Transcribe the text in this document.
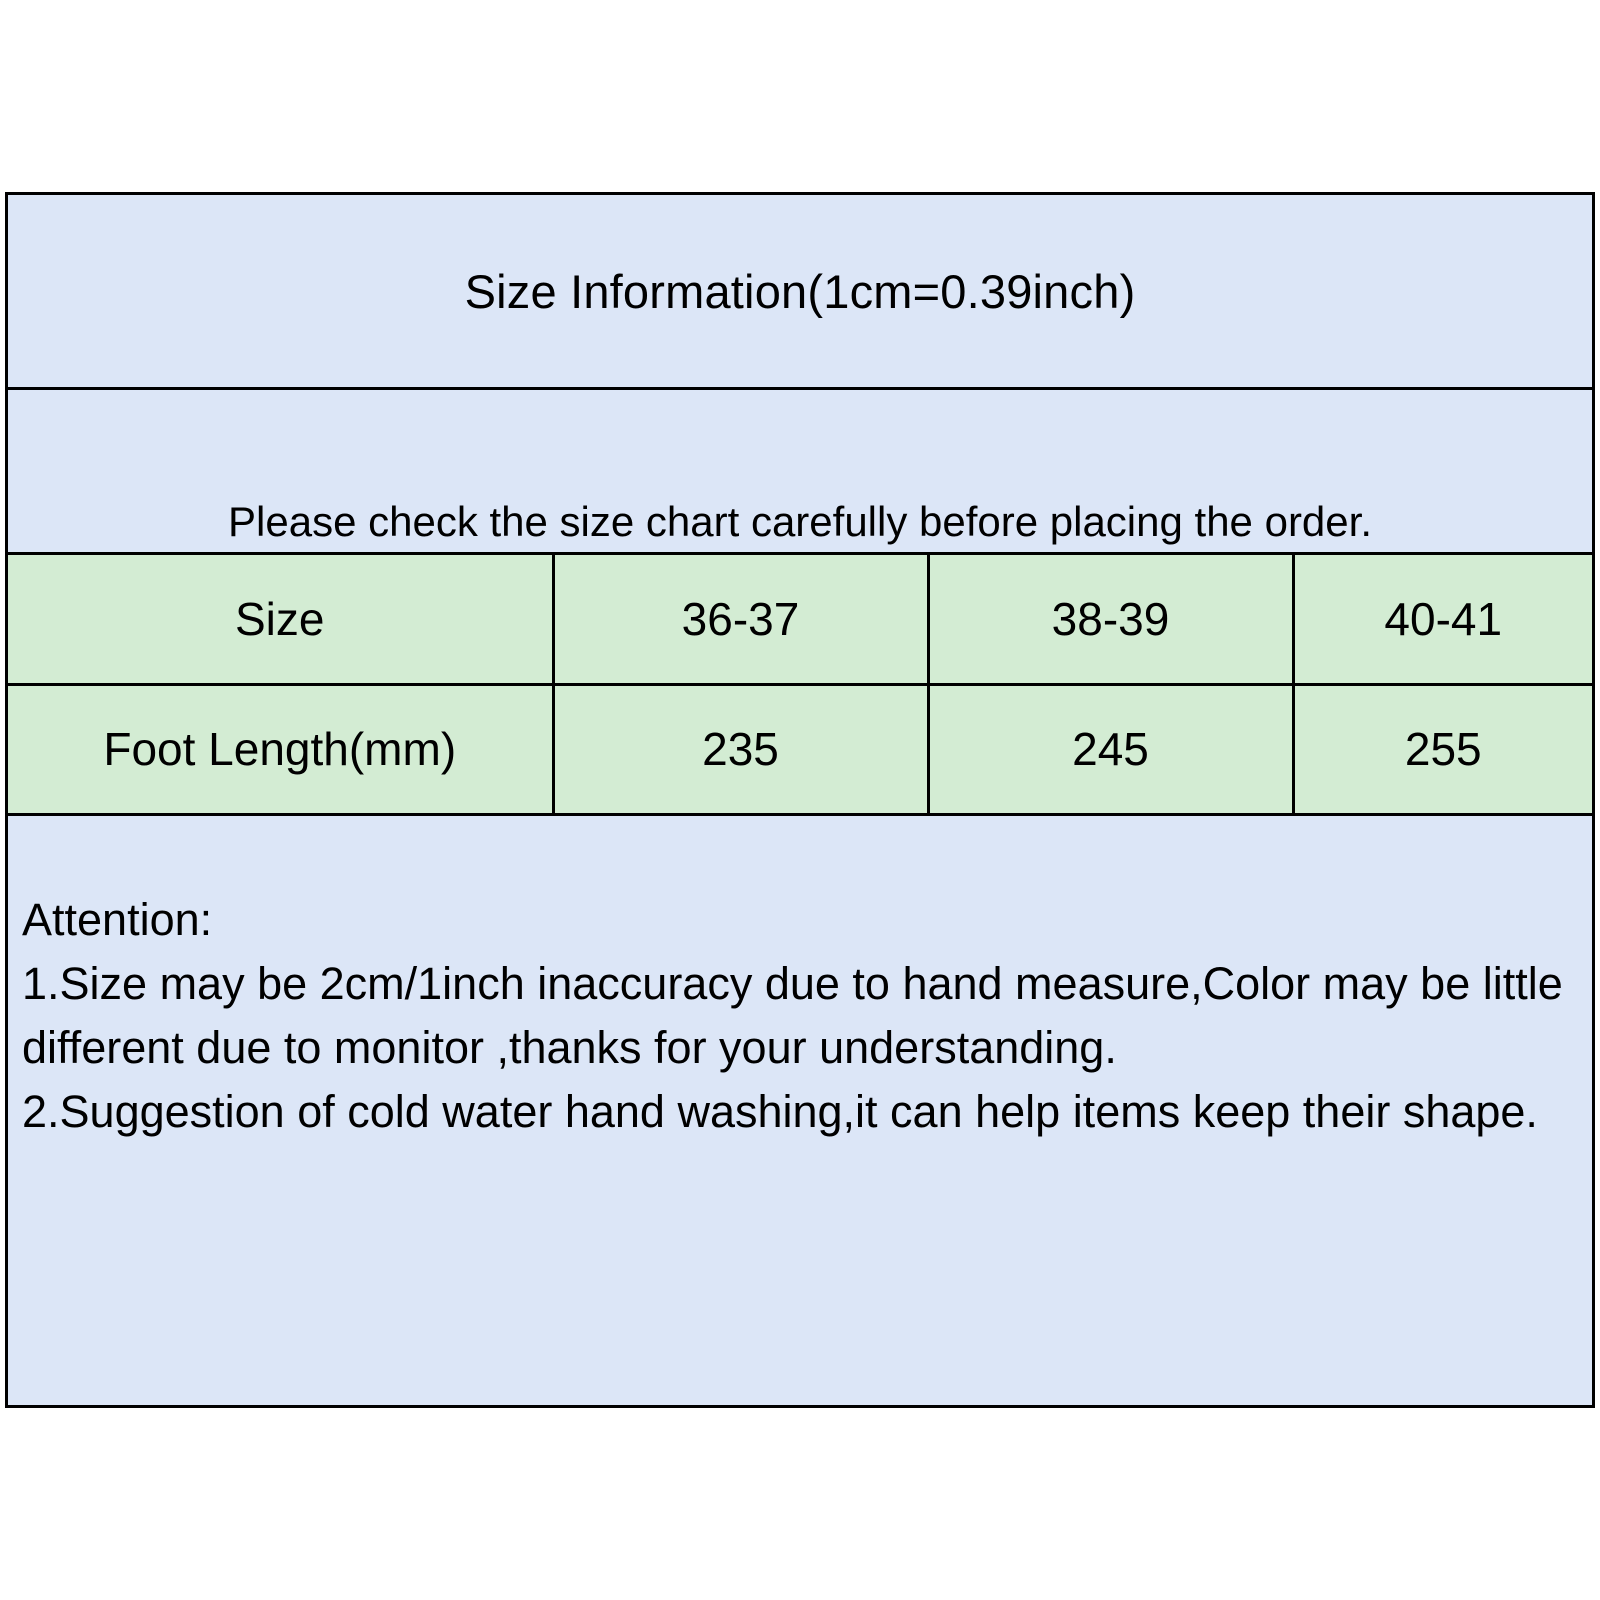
Size Information(1cm=0.39inch)
Please check the size chart carefully before placing the order.
Size	36-37	38-39	40-41
Foot Length(mm)	235	245	255
Attention:
1.Size may be 2cm/1inch inaccuracy due to hand measure,Color may be little different due to monitor ,thanks for your understanding.
2.Suggestion of cold water hand washing,it can help items keep their shape.
